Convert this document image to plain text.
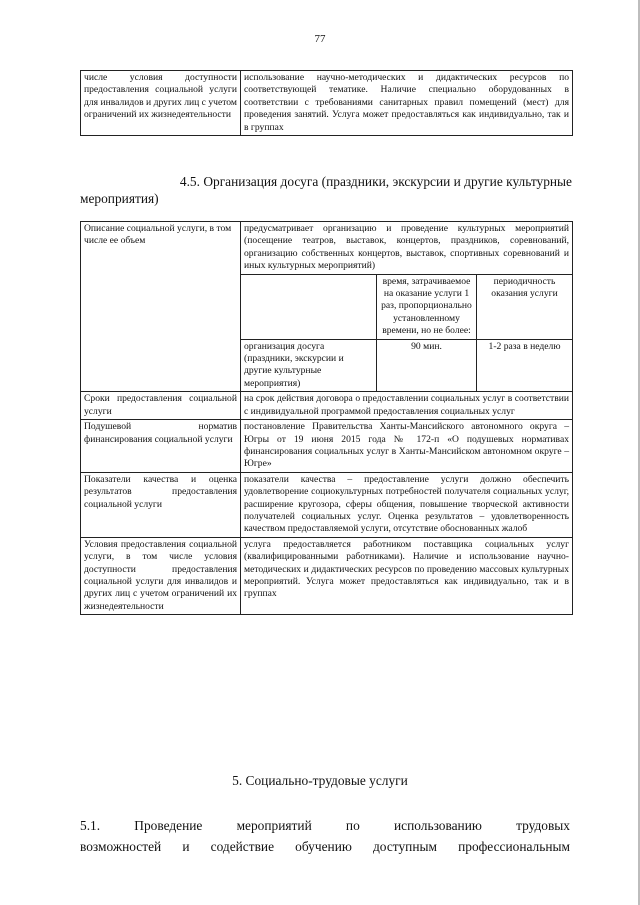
77
числе условия доступности предоставления социальной услуги для инвалидов и других лиц с учетом ограничений их жизнедеятельности	использование научно-методических и дидактических ресурсов по соответствующей тематике. Наличие специально оборудованных в соответствии с требованиями санитарных правил помещений (мест) для проведения занятий. Услуга может предоставляться как индивидуально, так и в группах
4.5. Организация досуга (праздники, экскурсии и другие культурные
мероприятия)
Описание социальной услуги, в том числе ее объем	предусматривает организацию и проведение культурных мероприятий (посещение театров, выставок, концертов, праздников, соревнований, организацию собственных концертов, выставок, спортивных соревнований и иных культурных мероприятий)		
		время, затрачиваемое на оказание услуги 1 раз, пропорционально установленному времени, но не более:	периодичность оказания услуги
	организация досуга (праздники, экскурсии и другие культурные мероприятия)	90 мин.	1-2 раза в неделю
Сроки предоставления социальной услуги	на срок действия договора о предоставлении социальных услуг в соответствии с индивидуальной программой предоставления социальных услуг		
Подушевой норматив финансирования социальной услуги	постановление Правительства Ханты-Мансийского автономного округа – Югры от 19 июня 2015 года № 172-п «О подушевых нормативах финансирования социальных услуг в Ханты-Мансийском автономном округе – Югре»		
Показатели качества и оценка результатов предоставления социальной услуги	показатели качества – предоставление услуги должно обеспечить удовлетворение социокультурных потребностей получателя социальных услуг, расширение кругозора, сферы общения, повышение творческой активности получателей социальных услуг. Оценка результатов – удовлетворенность качеством предоставляемой услуги, отсутствие обоснованных жалоб		
Условия предоставления социальной услуги, в том числе условия доступности предоставления социальной услуги для инвалидов и других лиц с учетом ограничений их жизнедеятельности	услуга предоставляется работником поставщика социальных услуг (квалифицированными работниками). Наличие и использование научно-методических и дидактических ресурсов по проведению массовых культурных мероприятий. Услуга может предоставляться как индивидуально, так и в группах		
5. Социально-трудовые услуги
5.1. Проведение мероприятий по использованию трудовых
возможностей и содействие обучению доступным профессиональным
